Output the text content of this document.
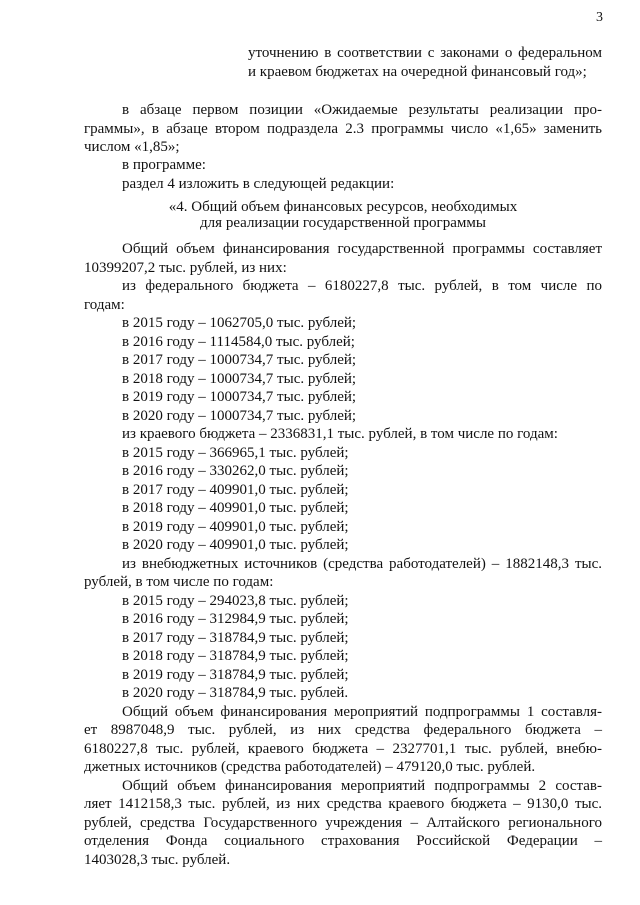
3
уточнению в соответствии с законами о федеральном
и краевом бюджетах на очередной финансовый год»;
в абзаце первом позиции «Ожидаемые результаты реализации про-
граммы», в абзаце втором подраздела 2.3 программы число «1,65» заменить
числом «1,85»;
в программе:
раздел 4 изложить в следующей редакции:
«4. Общий объем финансовых ресурсов, необходимых
для реализации государственной программы
Общий объем финансирования государственной программы составляет
10399207,2 тыс. рублей, из них:
из федерального бюджета – 6180227,8 тыс. рублей, в том числе по
годам:
в 2015 году – 1062705,0 тыс. рублей;
в 2016 году – 1114584,0 тыс. рублей;
в 2017 году – 1000734,7 тыс. рублей;
в 2018 году – 1000734,7 тыс. рублей;
в 2019 году – 1000734,7 тыс. рублей;
в 2020 году – 1000734,7 тыс. рублей;
из краевого бюджета – 2336831,1 тыс. рублей, в том числе по годам:
в 2015 году – 366965,1 тыс. рублей;
в 2016 году – 330262,0 тыс. рублей;
в 2017 году – 409901,0 тыс. рублей;
в 2018 году – 409901,0 тыс. рублей;
в 2019 году – 409901,0 тыс. рублей;
в 2020 году – 409901,0 тыс. рублей;
из внебюджетных источников (средства работодателей) – 1882148,3 тыс.
рублей, в том числе по годам:
в 2015 году – 294023,8 тыс. рублей;
в 2016 году – 312984,9 тыс. рублей;
в 2017 году – 318784,9 тыс. рублей;
в 2018 году – 318784,9 тыс. рублей;
в 2019 году – 318784,9 тыс. рублей;
в 2020 году – 318784,9 тыс. рублей.
Общий объем финансирования мероприятий подпрограммы 1 составля-
ет 8987048,9 тыс. рублей, из них средства федерального бюджета –
6180227,8 тыс. рублей, краевого бюджета – 2327701,1 тыс. рублей, внебю-
джетных источников (средства работодателей) – 479120,0 тыс. рублей.
Общий объем финансирования мероприятий подпрограммы 2 состав-
ляет 1412158,3 тыс. рублей, из них средства краевого бюджета – 9130,0 тыс.
рублей, средства Государственного учреждения – Алтайского регионального
отделения Фонда социального страхования Российской Федерации –
1403028,3 тыс. рублей.
